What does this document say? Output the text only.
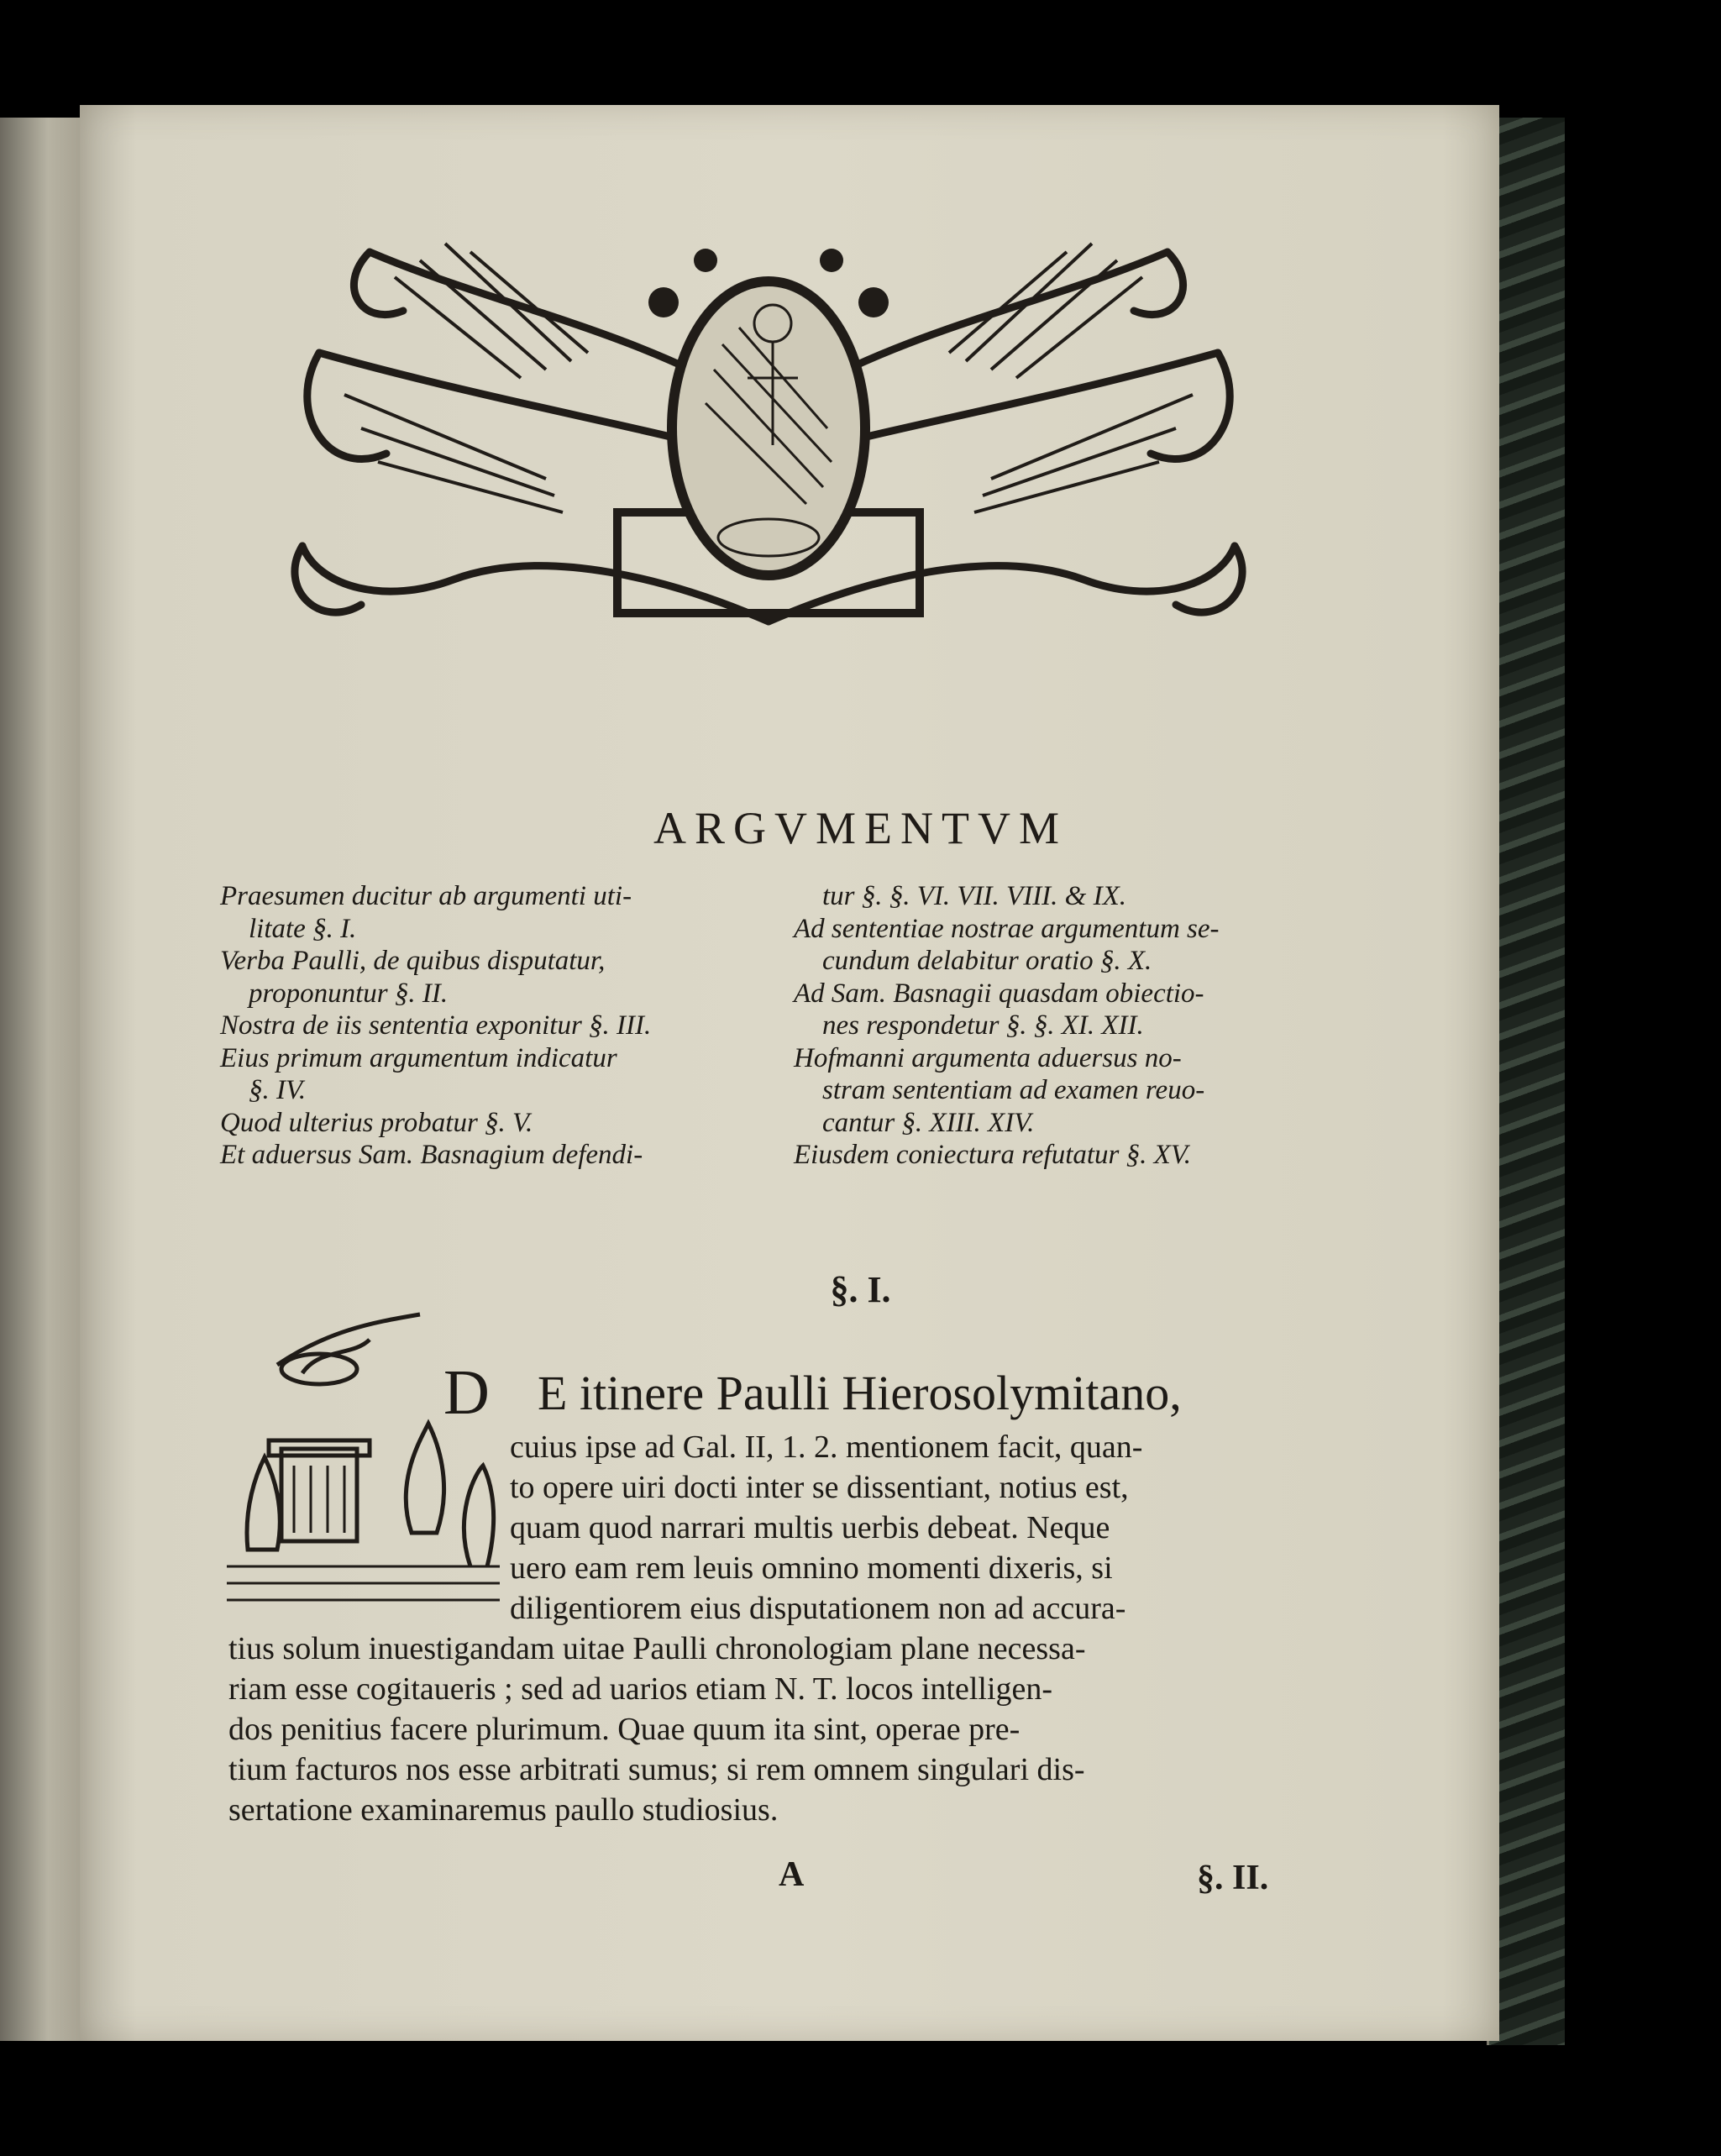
ARGVMENTVM
Praesumen ducitur ab argumenti uti-
litate §. I.
Verba Paulli, de quibus disputatur,
proponuntur §. II.
Nostra de iis sententia exponitur §. III.
Eius primum argumentum indicatur
§. IV.
Quod ulterius probatur §. V.
Et aduersus Sam. Basnagium defendi-
tur §. §. VI. VII. VIII. & IX.
Ad sententiae nostrae argumentum se-
cundum delabitur oratio §. X.
Ad Sam. Basnagii quasdam obiectio-
nes respondetur §. §. XI. XII.
Hofmanni argumenta aduersus no-
stram sententiam ad examen reuo-
cantur §. XIII. XIV.
Eiusdem coniectura refutatur §. XV.
§. I.
D E itinere Paulli Hierosolymitano,
cuius ipse ad Gal. II, 1. 2. mentionem facit, quan-
to opere uiri docti inter se dissentiant, notius est,
quam quod narrari multis uerbis debeat. Neque
uero eam rem leuis omnino momenti dixeris, si
diligentiorem eius disputationem non ad accura-
tius solum inuestigandam uitae Paulli chronologiam plane necessa-
riam esse cogitaueris ; sed ad uarios etiam N. T. locos intelligen-
dos penitius facere plurimum. Quae quum ita sint, operae pre-
tium facturos nos esse arbitrati sumus; si rem omnem singulari dis-
sertatione examinaremus paullo studiosius.
A	§. II.
